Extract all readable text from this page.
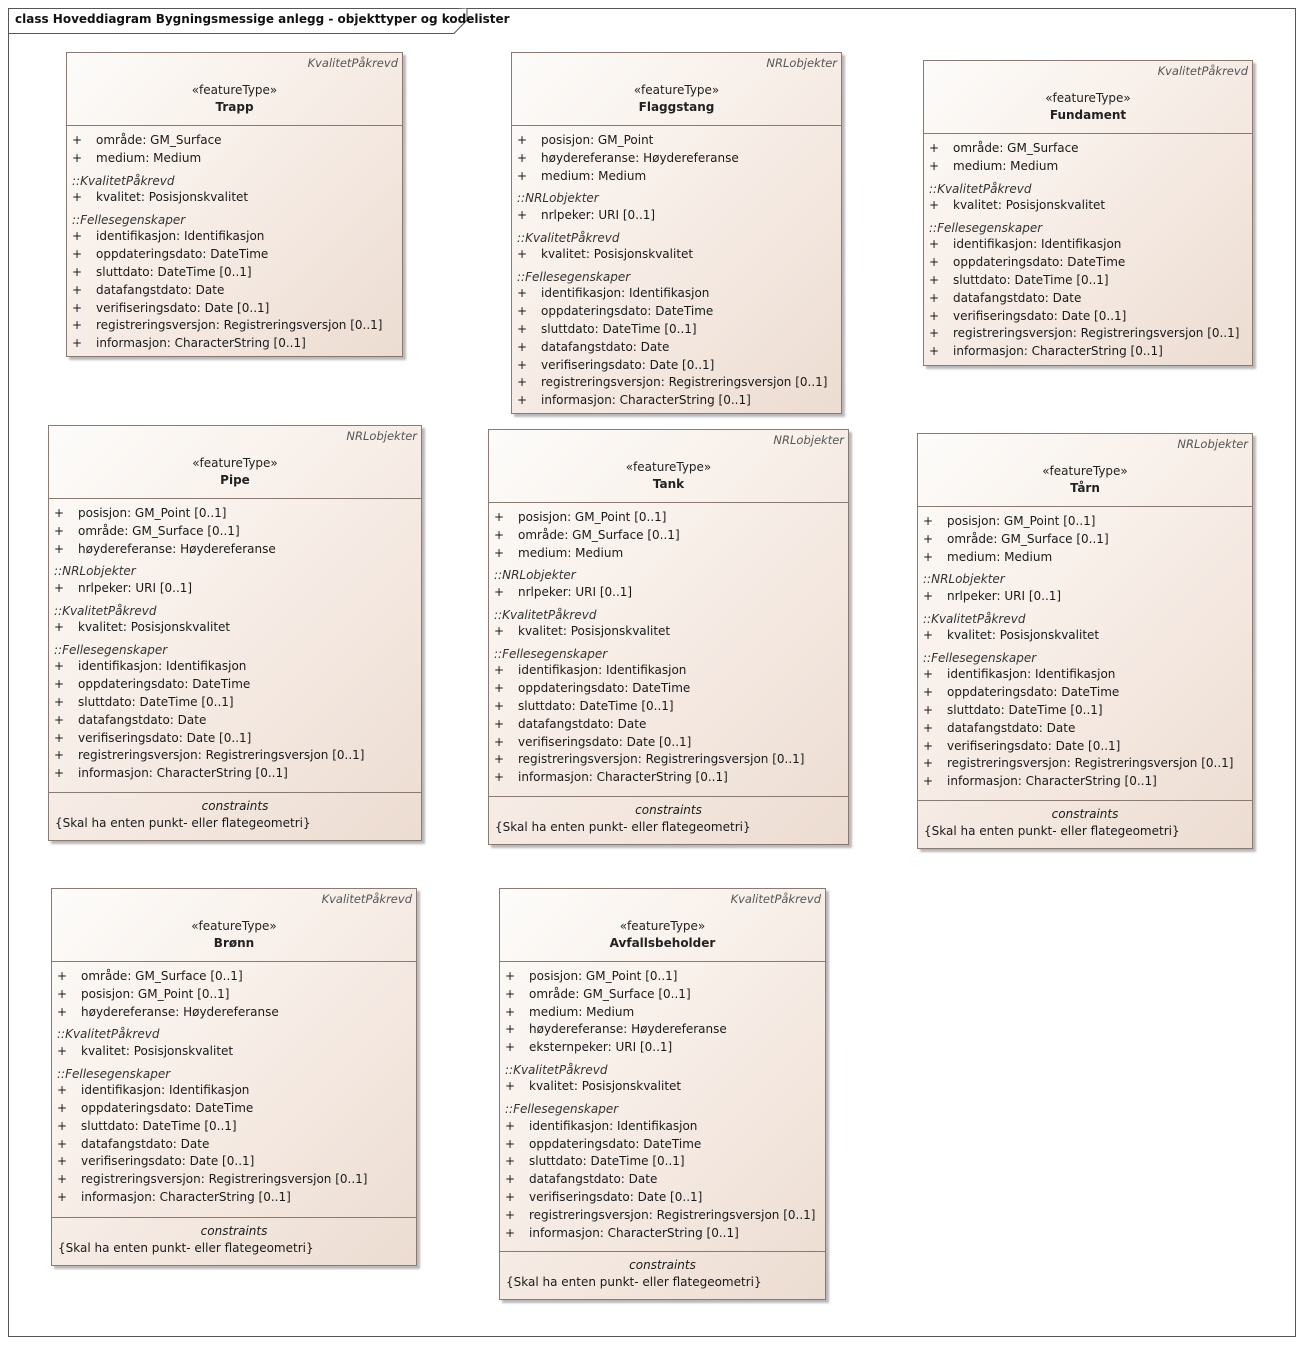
class Hoveddiagram Bygningsmessige anlegg - objekttyper og kodelister
KvalitetPåkrevd
«featureType»
Trapp
+ område: GM_Surface
+ medium: Medium
::KvalitetPåkrevd
+ kvalitet: Posisjonskvalitet
::Fellesegenskaper
+ identifikasjon: Identifikasjon
+ oppdateringsdato: DateTime
+ sluttdato: DateTime [0..1]
+ datafangstdato: Date
+ verifiseringsdato: Date [0..1]
+ registreringsversjon: Registreringsversjon [0..1]
+ informasjon: CharacterString [0..1]
NRLobjekter
«featureType»
Flaggstang
+ posisjon: GM_Point
+ høydereferanse: Høydereferanse
+ medium: Medium
::NRLobjekter
+ nrlpeker: URI [0..1]
::KvalitetPåkrevd
+ kvalitet: Posisjonskvalitet
::Fellesegenskaper
+ identifikasjon: Identifikasjon
+ oppdateringsdato: DateTime
+ sluttdato: DateTime [0..1]
+ datafangstdato: Date
+ verifiseringsdato: Date [0..1]
+ registreringsversjon: Registreringsversjon [0..1]
+ informasjon: CharacterString [0..1]
KvalitetPåkrevd
«featureType»
Fundament
+ område: GM_Surface
+ medium: Medium
::KvalitetPåkrevd
+ kvalitet: Posisjonskvalitet
::Fellesegenskaper
+ identifikasjon: Identifikasjon
+ oppdateringsdato: DateTime
+ sluttdato: DateTime [0..1]
+ datafangstdato: Date
+ verifiseringsdato: Date [0..1]
+ registreringsversjon: Registreringsversjon [0..1]
+ informasjon: CharacterString [0..1]
NRLobjekter
«featureType»
Pipe
+ posisjon: GM_Point [0..1]
+ område: GM_Surface [0..1]
+ høydereferanse: Høydereferanse
::NRLobjekter
+ nrlpeker: URI [0..1]
::KvalitetPåkrevd
+ kvalitet: Posisjonskvalitet
::Fellesegenskaper
+ identifikasjon: Identifikasjon
+ oppdateringsdato: DateTime
+ sluttdato: DateTime [0..1]
+ datafangstdato: Date
+ verifiseringsdato: Date [0..1]
+ registreringsversjon: Registreringsversjon [0..1]
+ informasjon: CharacterString [0..1]
constraints
{Skal ha enten punkt- eller flategeometri}
NRLobjekter
«featureType»
Tank
+ posisjon: GM_Point [0..1]
+ område: GM_Surface [0..1]
+ medium: Medium
::NRLobjekter
+ nrlpeker: URI [0..1]
::KvalitetPåkrevd
+ kvalitet: Posisjonskvalitet
::Fellesegenskaper
+ identifikasjon: Identifikasjon
+ oppdateringsdato: DateTime
+ sluttdato: DateTime [0..1]
+ datafangstdato: Date
+ verifiseringsdato: Date [0..1]
+ registreringsversjon: Registreringsversjon [0..1]
+ informasjon: CharacterString [0..1]
constraints
{Skal ha enten punkt- eller flategeometri}
NRLobjekter
«featureType»
Tårn
+ posisjon: GM_Point [0..1]
+ område: GM_Surface [0..1]
+ medium: Medium
::NRLobjekter
+ nrlpeker: URI [0..1]
::KvalitetPåkrevd
+ kvalitet: Posisjonskvalitet
::Fellesegenskaper
+ identifikasjon: Identifikasjon
+ oppdateringsdato: DateTime
+ sluttdato: DateTime [0..1]
+ datafangstdato: Date
+ verifiseringsdato: Date [0..1]
+ registreringsversjon: Registreringsversjon [0..1]
+ informasjon: CharacterString [0..1]
constraints
{Skal ha enten punkt- eller flategeometri}
KvalitetPåkrevd
«featureType»
Brønn
+ område: GM_Surface [0..1]
+ posisjon: GM_Point [0..1]
+ høydereferanse: Høydereferanse
::KvalitetPåkrevd
+ kvalitet: Posisjonskvalitet
::Fellesegenskaper
+ identifikasjon: Identifikasjon
+ oppdateringsdato: DateTime
+ sluttdato: DateTime [0..1]
+ datafangstdato: Date
+ verifiseringsdato: Date [0..1]
+ registreringsversjon: Registreringsversjon [0..1]
+ informasjon: CharacterString [0..1]
constraints
{Skal ha enten punkt- eller flategeometri}
KvalitetPåkrevd
«featureType»
Avfallsbeholder
+ posisjon: GM_Point [0..1]
+ område: GM_Surface [0..1]
+ medium: Medium
+ høydereferanse: Høydereferanse
+ eksternpeker: URI [0..1]
::KvalitetPåkrevd
+ kvalitet: Posisjonskvalitet
::Fellesegenskaper
+ identifikasjon: Identifikasjon
+ oppdateringsdato: DateTime
+ sluttdato: DateTime [0..1]
+ datafangstdato: Date
+ verifiseringsdato: Date [0..1]
+ registreringsversjon: Registreringsversjon [0..1]
+ informasjon: CharacterString [0..1]
constraints
{Skal ha enten punkt- eller flategeometri}
